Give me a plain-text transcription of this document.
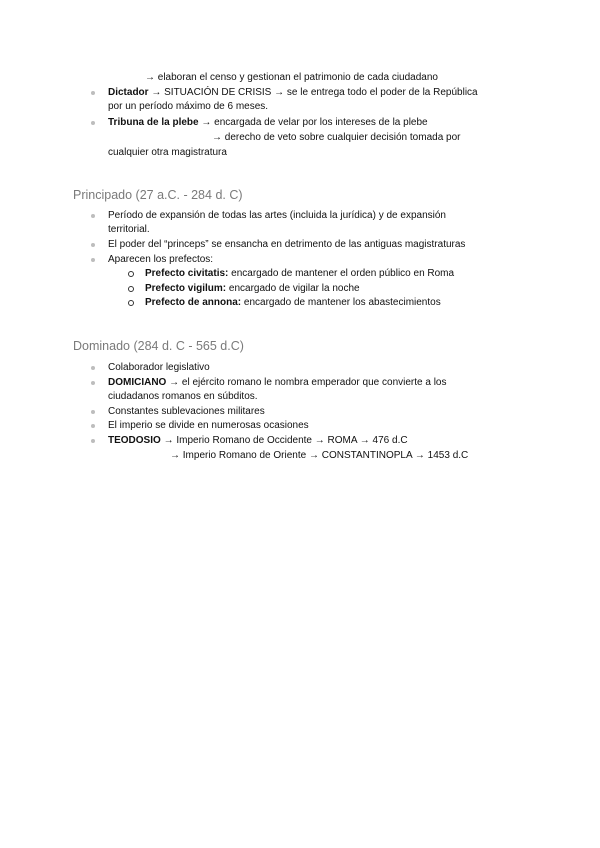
→ elaboran el censo y gestionan el patrimonio de cada ciudadano
Dictador → SITUACIÓN DE CRISIS → se le entrega todo el poder de la República
por un período máximo de 6 meses.
Tribuna de la plebe → encargada de velar por los intereses de la plebe
→ derecho de veto sobre cualquier decisión tomada por
cualquier otra magistratura
Principado (27 a.C. - 284 d. C)
Período de expansión de todas las artes (incluida la jurídica) y de expansión
territorial.
El poder del “princeps” se ensancha en detrimento de las antiguas magistraturas
Aparecen los prefectos:
Prefecto civitatis: encargado de mantener el orden público en Roma
Prefecto vigilum: encargado de vigilar la noche
Prefecto de annona: encargado de mantener los abastecimientos
Dominado (284 d. C - 565 d.C)
Colaborador legislativo
DOMICIANO → el ejército romano le nombra emperador que convierte a los
ciudadanos romanos en súbditos.
Constantes sublevaciones militares
El imperio se divide en numerosas ocasiones
TEODOSIO → Imperio Romano de Occidente → ROMA → 476 d.C
→ Imperio Romano de Oriente → CONSTANTINOPLA → 1453 d.C
